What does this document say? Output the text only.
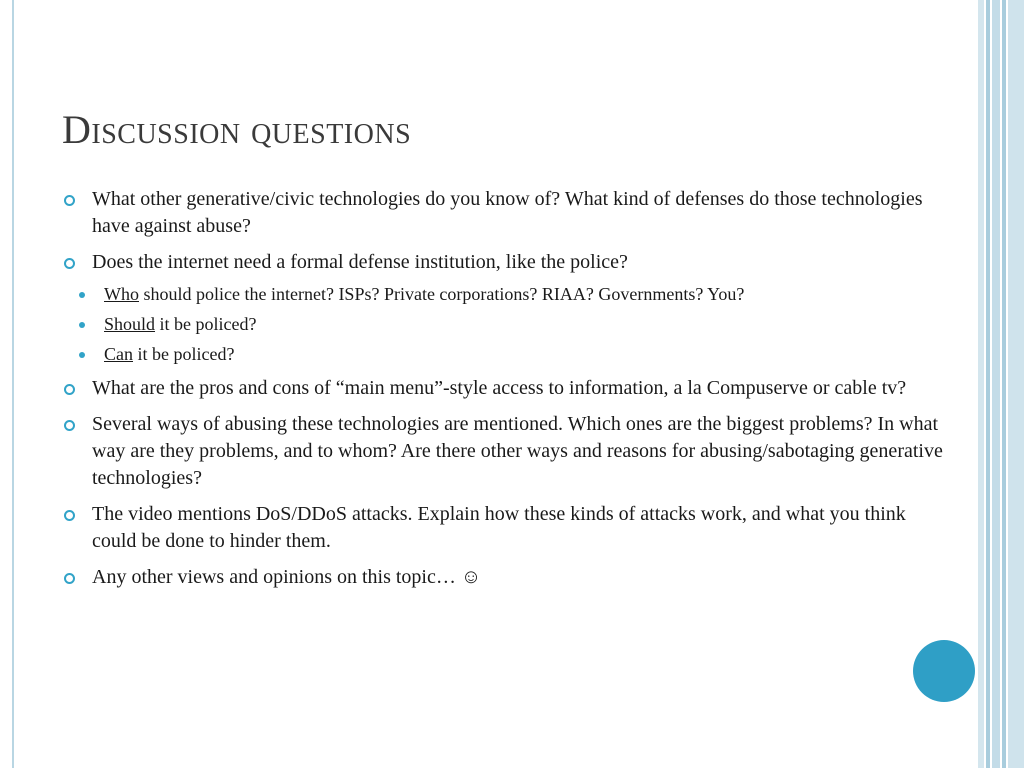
Discussion questions
What other generative/civic technologies do you know of? What kind of defenses do those technologies have against abuse?
Does the internet need a formal defense institution, like the police?
Who should police the internet? ISPs? Private corporations? RIAA? Governments? You?
Should it be policed?
Can it be policed?
What are the pros and cons of “main menu”-style access to information, a la Compuserve or cable tv?
Several ways of abusing these technologies are mentioned. Which ones are the biggest problems? In what way are they problems, and to whom? Are there other ways and reasons for abusing/sabotaging generative technologies?
The video mentions DoS/DDoS attacks. Explain how these kinds of attacks work, and what you think could be done to hinder them.
Any other views and opinions on this topic… ☺
